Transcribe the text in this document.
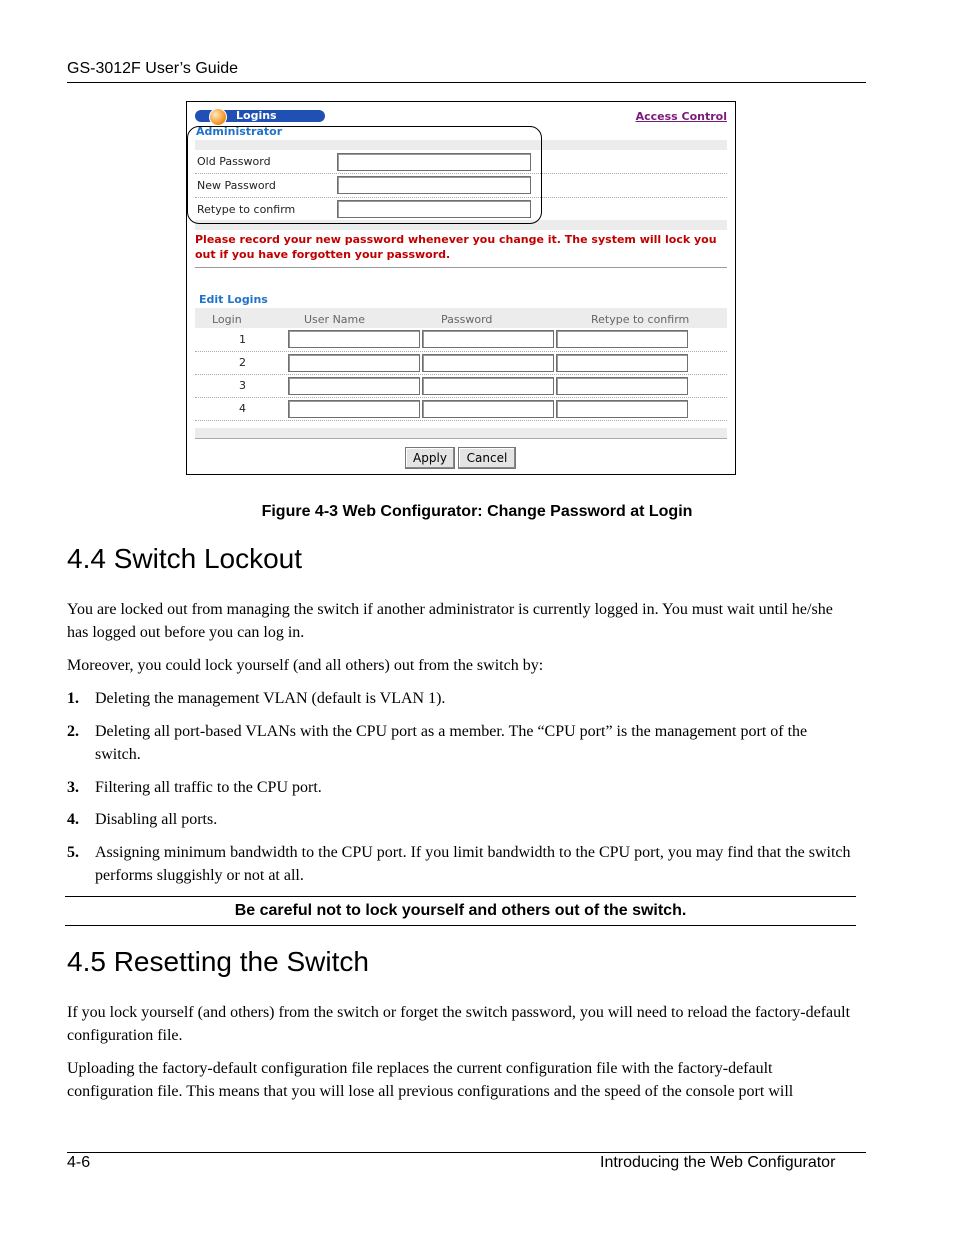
GS-3012F User’s Guide
Logins	Access Control
Administrator
Old Password
New Password
Retype to confirm
Please record your new password whenever you change it. The system will lock you out if you have forgotten your password.
Edit Logins
Login	User Name	Password	Retype to confirm
1
2
3
4
Apply	Cancel
Figure 4-3 Web Configurator: Change Password at Login
4.4 Switch Lockout

You are locked out from managing the switch if another administrator is currently logged in. You must wait until he/she has logged out before you can log in.

Moreover, you could lock yourself (and all others) out from the switch by:

1. Deleting the management VLAN (default is VLAN 1).
2. Deleting all port-based VLANs with the CPU port as a member. The “CPU port” is the management port of the switch.
3. Filtering all traffic to the CPU port.
4. Disabling all ports.
5. Assigning minimum bandwidth to the CPU port. If you limit bandwidth to the CPU port, you may find that the switch performs sluggishly or not at all.
Be careful not to lock yourself and others out of the switch.
4.5 Resetting the Switch

If you lock yourself (and others) from the switch or forget the switch password, you will need to reload the factory-default configuration file.

Uploading the factory-default configuration file replaces the current configuration file with the factory-default configuration file. This means that you will lose all previous configurations and the speed of the console port will

4-6	Introducing the Web Configurator
